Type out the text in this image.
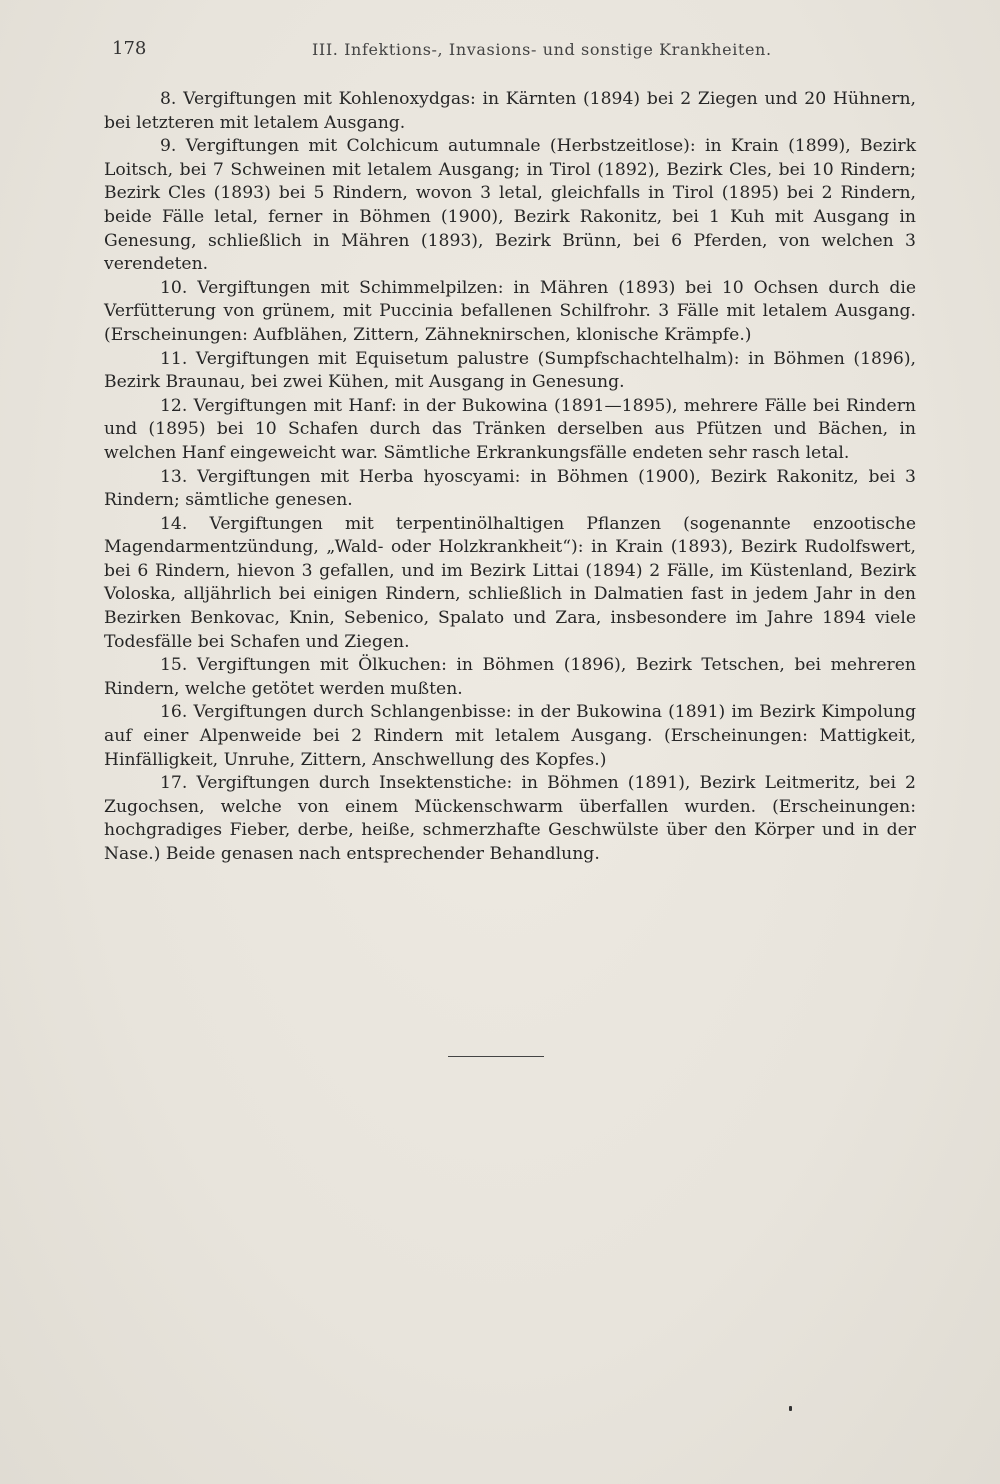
178	III. Infektions-, Invasions- und sonstige Krankheiten.

8. Vergiftungen mit Kohlenoxydgas: in Kärnten (1894) bei 2 Ziegen und 20 Hühnern, bei letzteren mit letalem Ausgang.

9. Vergiftungen mit Colchicum autumnale (Herbstzeitlose): in Krain (1899), Bezirk Loitsch, bei 7 Schweinen mit letalem Ausgang; in Tirol (1892), Bezirk Cles, bei 10 Rindern; Bezirk Cles (1893) bei 5 Rindern, wovon 3 letal, gleichfalls in Tirol (1895) bei 2 Rindern, beide Fälle letal, ferner in Böhmen (1900), Bezirk Rakonitz, bei 1 Kuh mit Ausgang in Genesung, schließlich in Mähren (1893), Bezirk Brünn, bei 6 Pferden, von welchen 3 verendeten.

10. Vergiftungen mit Schimmelpilzen: in Mähren (1893) bei 10 Ochsen durch die Verfütterung von grünem, mit Puccinia befallenen Schilfrohr. 3 Fälle mit letalem Ausgang. (Erscheinungen: Aufblähen, Zittern, Zähneknirschen, klonische Krämpfe.)

11. Vergiftungen mit Equisetum palustre (Sumpfschachtelhalm): in Böhmen (1896), Bezirk Braunau, bei zwei Kühen, mit Ausgang in Genesung.

12. Vergiftungen mit Hanf: in der Bukowina (1891—1895), mehrere Fälle bei Rindern und (1895) bei 10 Schafen durch das Tränken derselben aus Pfützen und Bächen, in welchen Hanf eingeweicht war. Sämtliche Erkrankungsfälle endeten sehr rasch letal.

13. Vergiftungen mit Herba hyoscyami: in Böhmen (1900), Bezirk Rakonitz, bei 3 Rindern; sämtliche genesen.

14. Vergiftungen mit terpentinölhaltigen Pflanzen (sogenannte enzootische Magendarmentzündung, „Wald- oder Holzkrankheit“): in Krain (1893), Bezirk Rudolfswert, bei 6 Rindern, hievon 3 gefallen, und im Bezirk Littai (1894) 2 Fälle, im Küstenland, Bezirk Voloska, alljährlich bei einigen Rindern, schließlich in Dalmatien fast in jedem Jahr in den Bezirken Benkovac, Knin, Sebenico, Spalato und Zara, insbesondere im Jahre 1894 viele Todesfälle bei Schafen und Ziegen.

15. Vergiftungen mit Ölkuchen: in Böhmen (1896), Bezirk Tetschen, bei mehreren Rindern, welche getötet werden mußten.

16. Vergiftungen durch Schlangenbisse: in der Bukowina (1891) im Bezirk Kimpolung auf einer Alpenweide bei 2 Rindern mit letalem Ausgang. (Erscheinungen: Mattigkeit, Hinfälligkeit, Unruhe, Zittern, Anschwellung des Kopfes.)

17. Vergiftungen durch Insektenstiche: in Böhmen (1891), Bezirk Leitmeritz, bei 2 Zugochsen, welche von einem Mückenschwarm überfallen wurden. (Erscheinungen: hochgradiges Fieber, derbe, heiße, schmerzhafte Geschwülste über den Körper und in der Nase.) Beide genasen nach entsprechender Behandlung.
